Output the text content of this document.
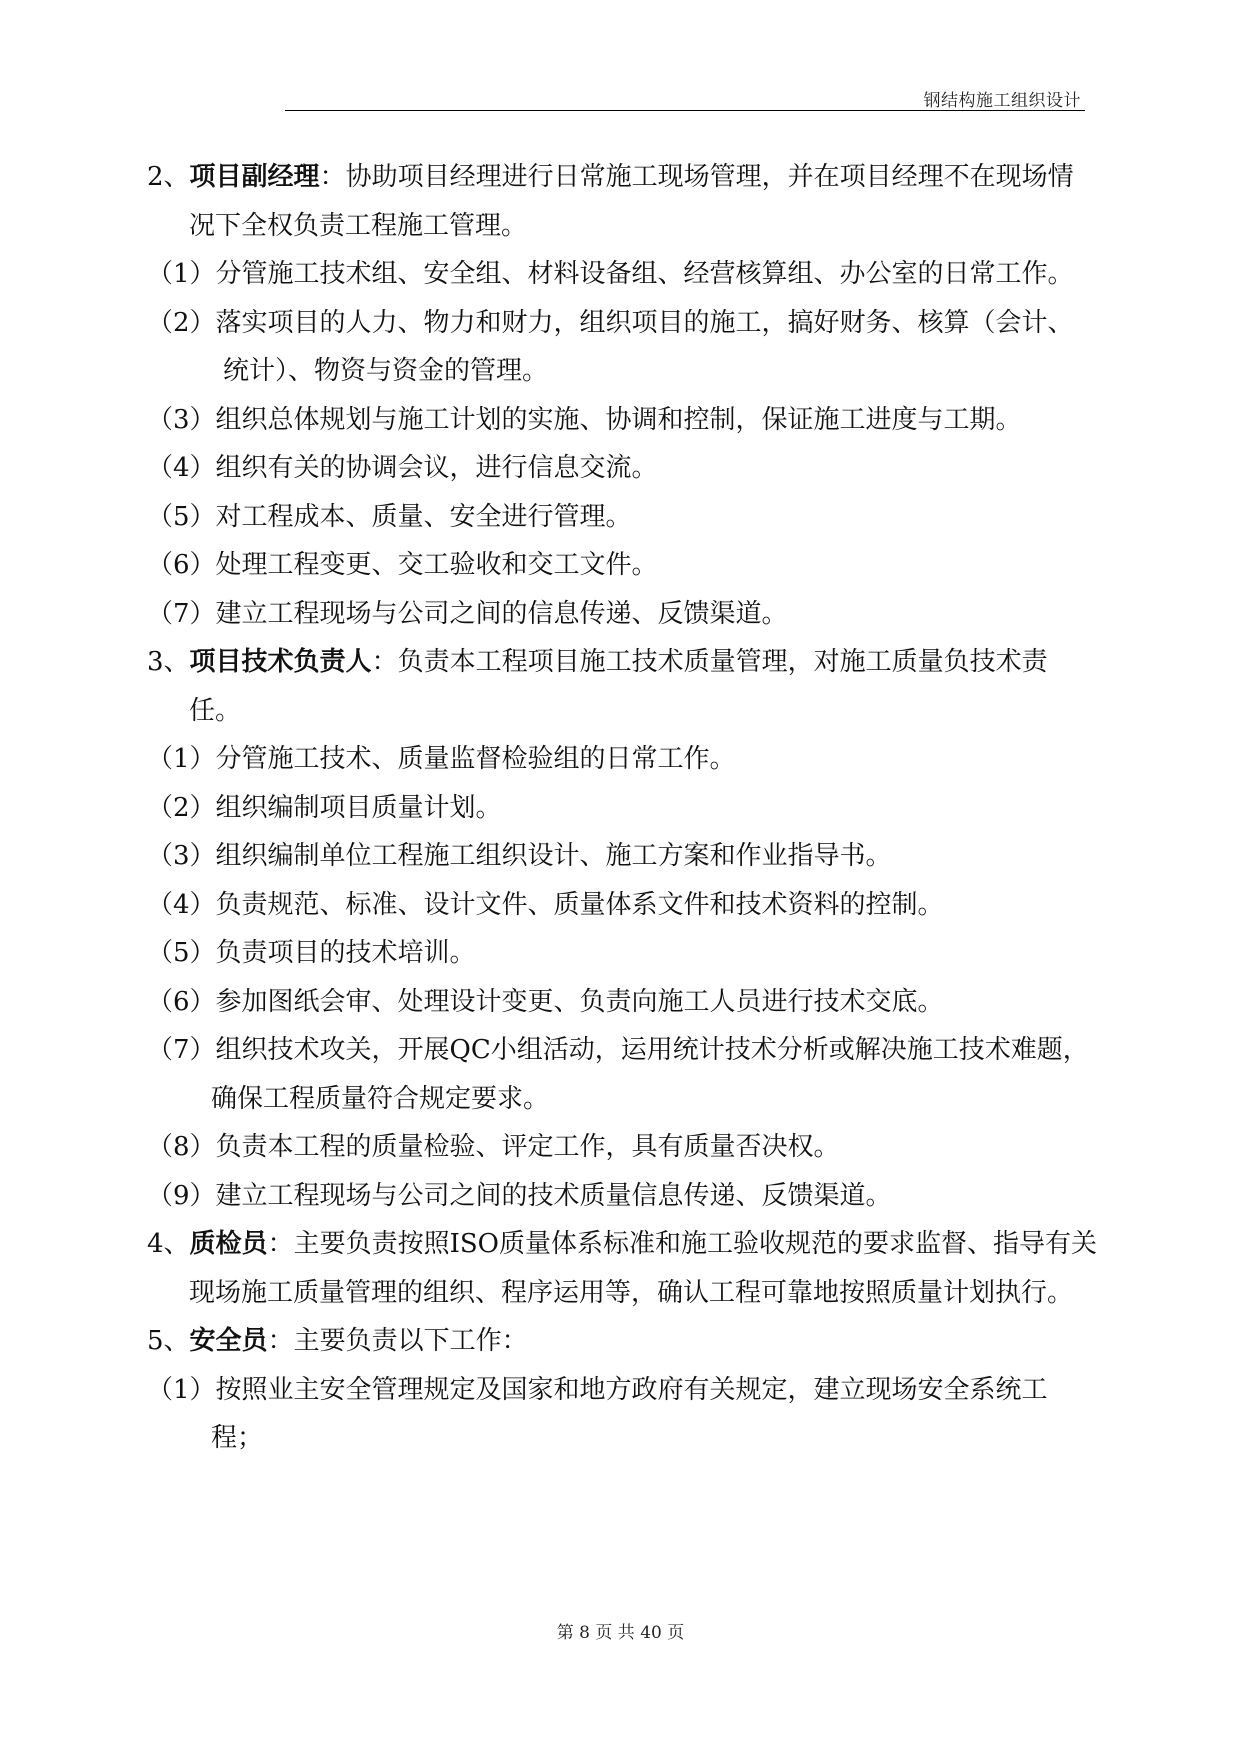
钢结构施工组织设计

2、项目副经理：协助项目经理进行日常施工现场管理，并在项目经理不在现场情况下全权负责工程施工管理。

（1）分管施工技术组、安全组、材料设备组、经营核算组、办公室的日常工作。

（2）落实项目的人力、物力和财力，组织项目的施工，搞好财务、核算（会计、统计）、物资与资金的管理。

（3）组织总体规划与施工计划的实施、协调和控制，保证施工进度与工期。

（4）组织有关的协调会议，进行信息交流。

（5）对工程成本、质量、安全进行管理。

（6）处理工程变更、交工验收和交工文件。

（7）建立工程现场与公司之间的信息传递、反馈渠道。

3、项目技术负责人：负责本工程项目施工技术质量管理，对施工质量负技术责任。

（1）分管施工技术、质量监督检验组的日常工作。

（2）组织编制项目质量计划。

（3）组织编制单位工程施工组织设计、施工方案和作业指导书。

（4）负责规范、标准、设计文件、质量体系文件和技术资料的控制。

（5）负责项目的技术培训。

（6）参加图纸会审、处理设计变更、负责向施工人员进行技术交底。

（7）组织技术攻关，开展QC小组活动，运用统计技术分析或解决施工技术难题，确保工程质量符合规定要求。

（8）负责本工程的质量检验、评定工作，具有质量否决权。

（9）建立工程现场与公司之间的技术质量信息传递、反馈渠道。

4、质检员：主要负责按照ISO质量体系标准和施工验收规范的要求监督、指导有关现场施工质量管理的组织、程序运用等，确认工程可靠地按照质量计划执行。

5、安全员：主要负责以下工作：

（1）按照业主安全管理规定及国家和地方政府有关规定，建立现场安全系统工程；

第 8 页 共 40 页
